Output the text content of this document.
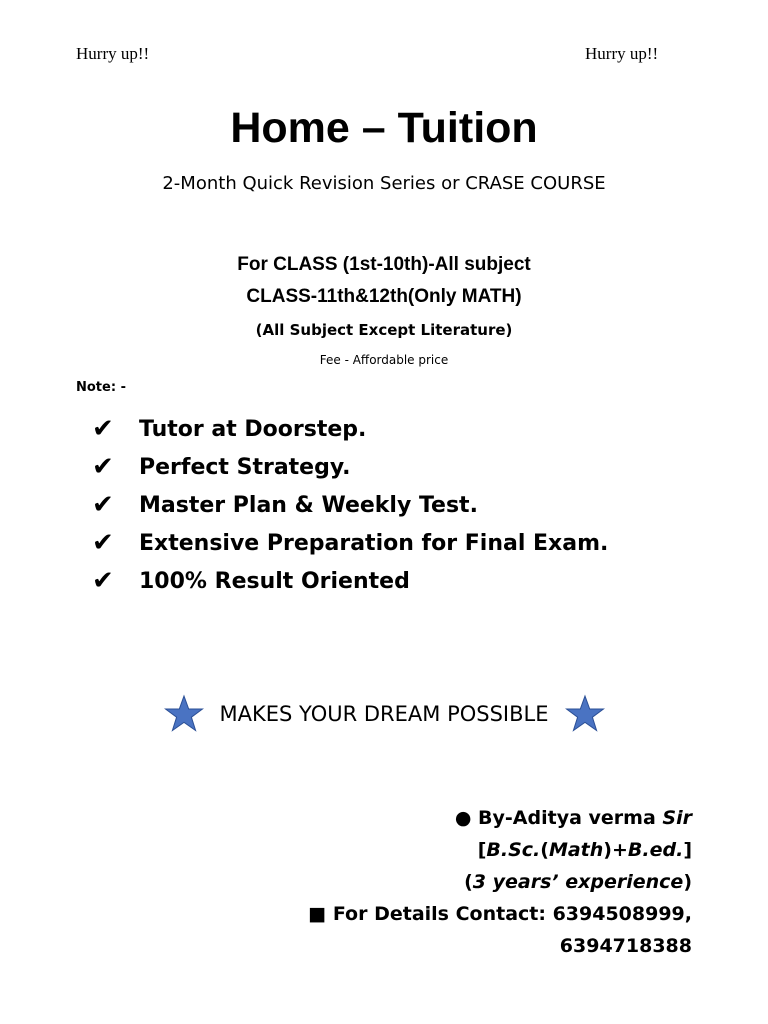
Hurry up!!	Hurry up!!
Home – Tuition
2-Month Quick Revision Series or CRASE COURSE
For CLASS (1st-10th)-All subject
CLASS-11th&12th(Only MATH)
(All Subject Except Literature)
Fee - Affordable price
Note: -
✔	Tutor at Doorstep.
✔	Perfect Strategy.
✔	Master Plan & Weekly Test.
✔	Extensive Preparation for Final Exam.
✔	100% Result Oriented
MAKES YOUR DREAM POSSIBLE
● By-Aditya verma Sir
[B.Sc.(Math)+B.ed.]
(3 years’ experience)
■ For Details Contact: 6394508999,
6394718388
